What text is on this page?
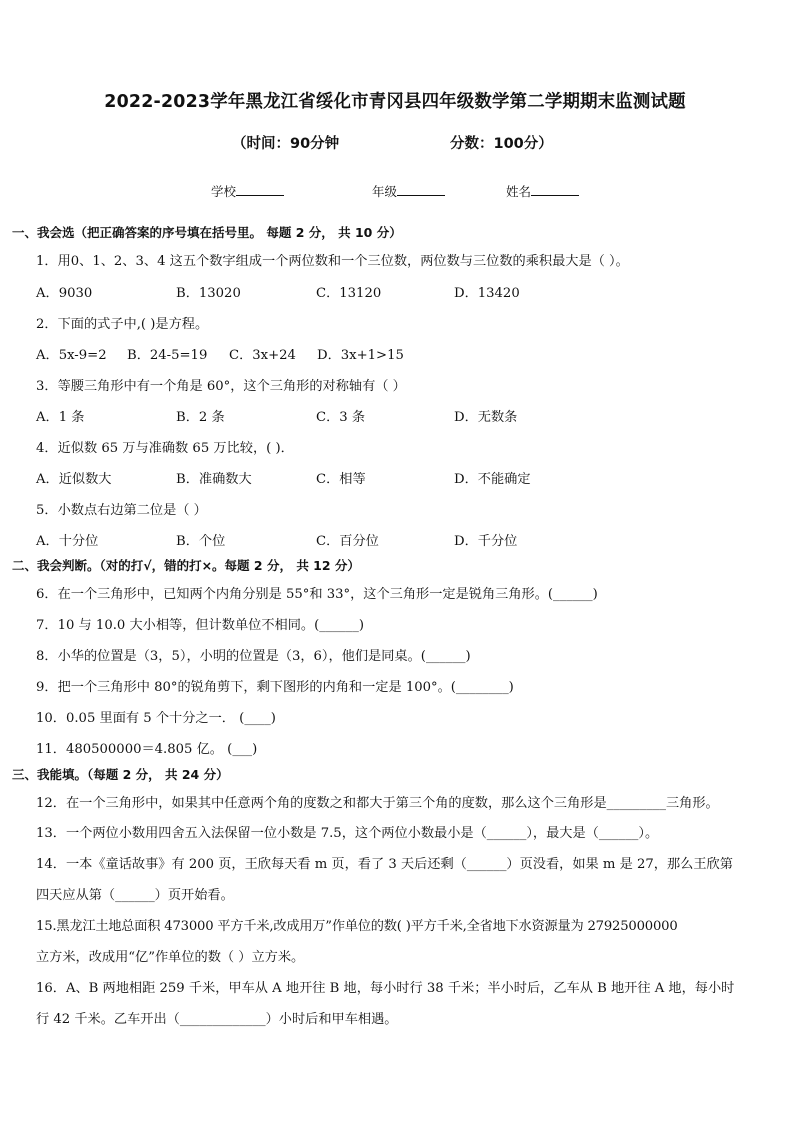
2022-2023学年黑龙江省绥化市青冈县四年级数学第二学期期末监测试题
（时间：90分钟	分数：100分）
学校	年级	姓名
一、我会选（把正确答案的序号填在括号里。 每题 2 分， 共 10 分）
1．用0、1、2、3、4 这五个数字组成一个两位数和一个三位数，两位数与三位数的乘积最大是（ ）。
A．9030	B．13020	C．13120	D．13420
2．下面的式子中,( )是方程。
A．5x-9=2 B．24-5=19 C．3x+24 D．3x+1>15
3．等腰三角形中有一个角是 60°，这个三角形的对称轴有（ ）
A．1 条	B．2 条	C．3 条	D．无数条
4．近似数 65 万与准确数 65 万比较，( )．
A．近似数大	B．准确数大	C．相等	D．不能确定
5．小数点右边第二位是（ ）
A．十分位	B．个位	C．百分位	D．千分位
二、我会判断。（对的打√，错的打×。每题 2 分， 共 12 分）
6．在一个三角形中，已知两个内角分别是 55°和 33°，这个三角形一定是锐角三角形。(______)
7．10 与 10.0 大小相等，但计数单位不相同。(______)
8．小华的位置是（3，5），小明的位置是（3，6），他们是同桌。(______)
9．把一个三角形中 80°的锐角剪下，剩下图形的内角和一定是 100°。(________)
10．0.05 里面有 5 个十分之一． (____)
11．480500000＝4.805 亿。 (___)
三、我能填。（每题 2 分， 共 24 分）
12．在一个三角形中，如果其中任意两个角的度数之和都大于第三个角的度数，那么这个三角形是_________三角形。
13．一个两位小数用四舍五入法保留一位小数是 7.5，这个两位小数最小是（______），最大是（______）。
14．一本《童话故事》有 200 页，王欣每天看 m 页，看了 3 天后还剩（______）页没看，如果 m 是 27，那么王欣第
四天应从第（______）页开始看。
15.黑龙江土地总面积 473000 平方千米,改成用万”作单位的数( )平方千米,全省地下水资源量为 27925000000
立方米，改成用“亿”作单位的数（ ）立方米。
16．A、B 两地相距 259 千米，甲车从 A 地开往 B 地，每小时行 38 千米；半小时后，乙车从 B 地开往 A 地，每小时
行 42 千米。乙车开出（_____________）小时后和甲车相遇。
